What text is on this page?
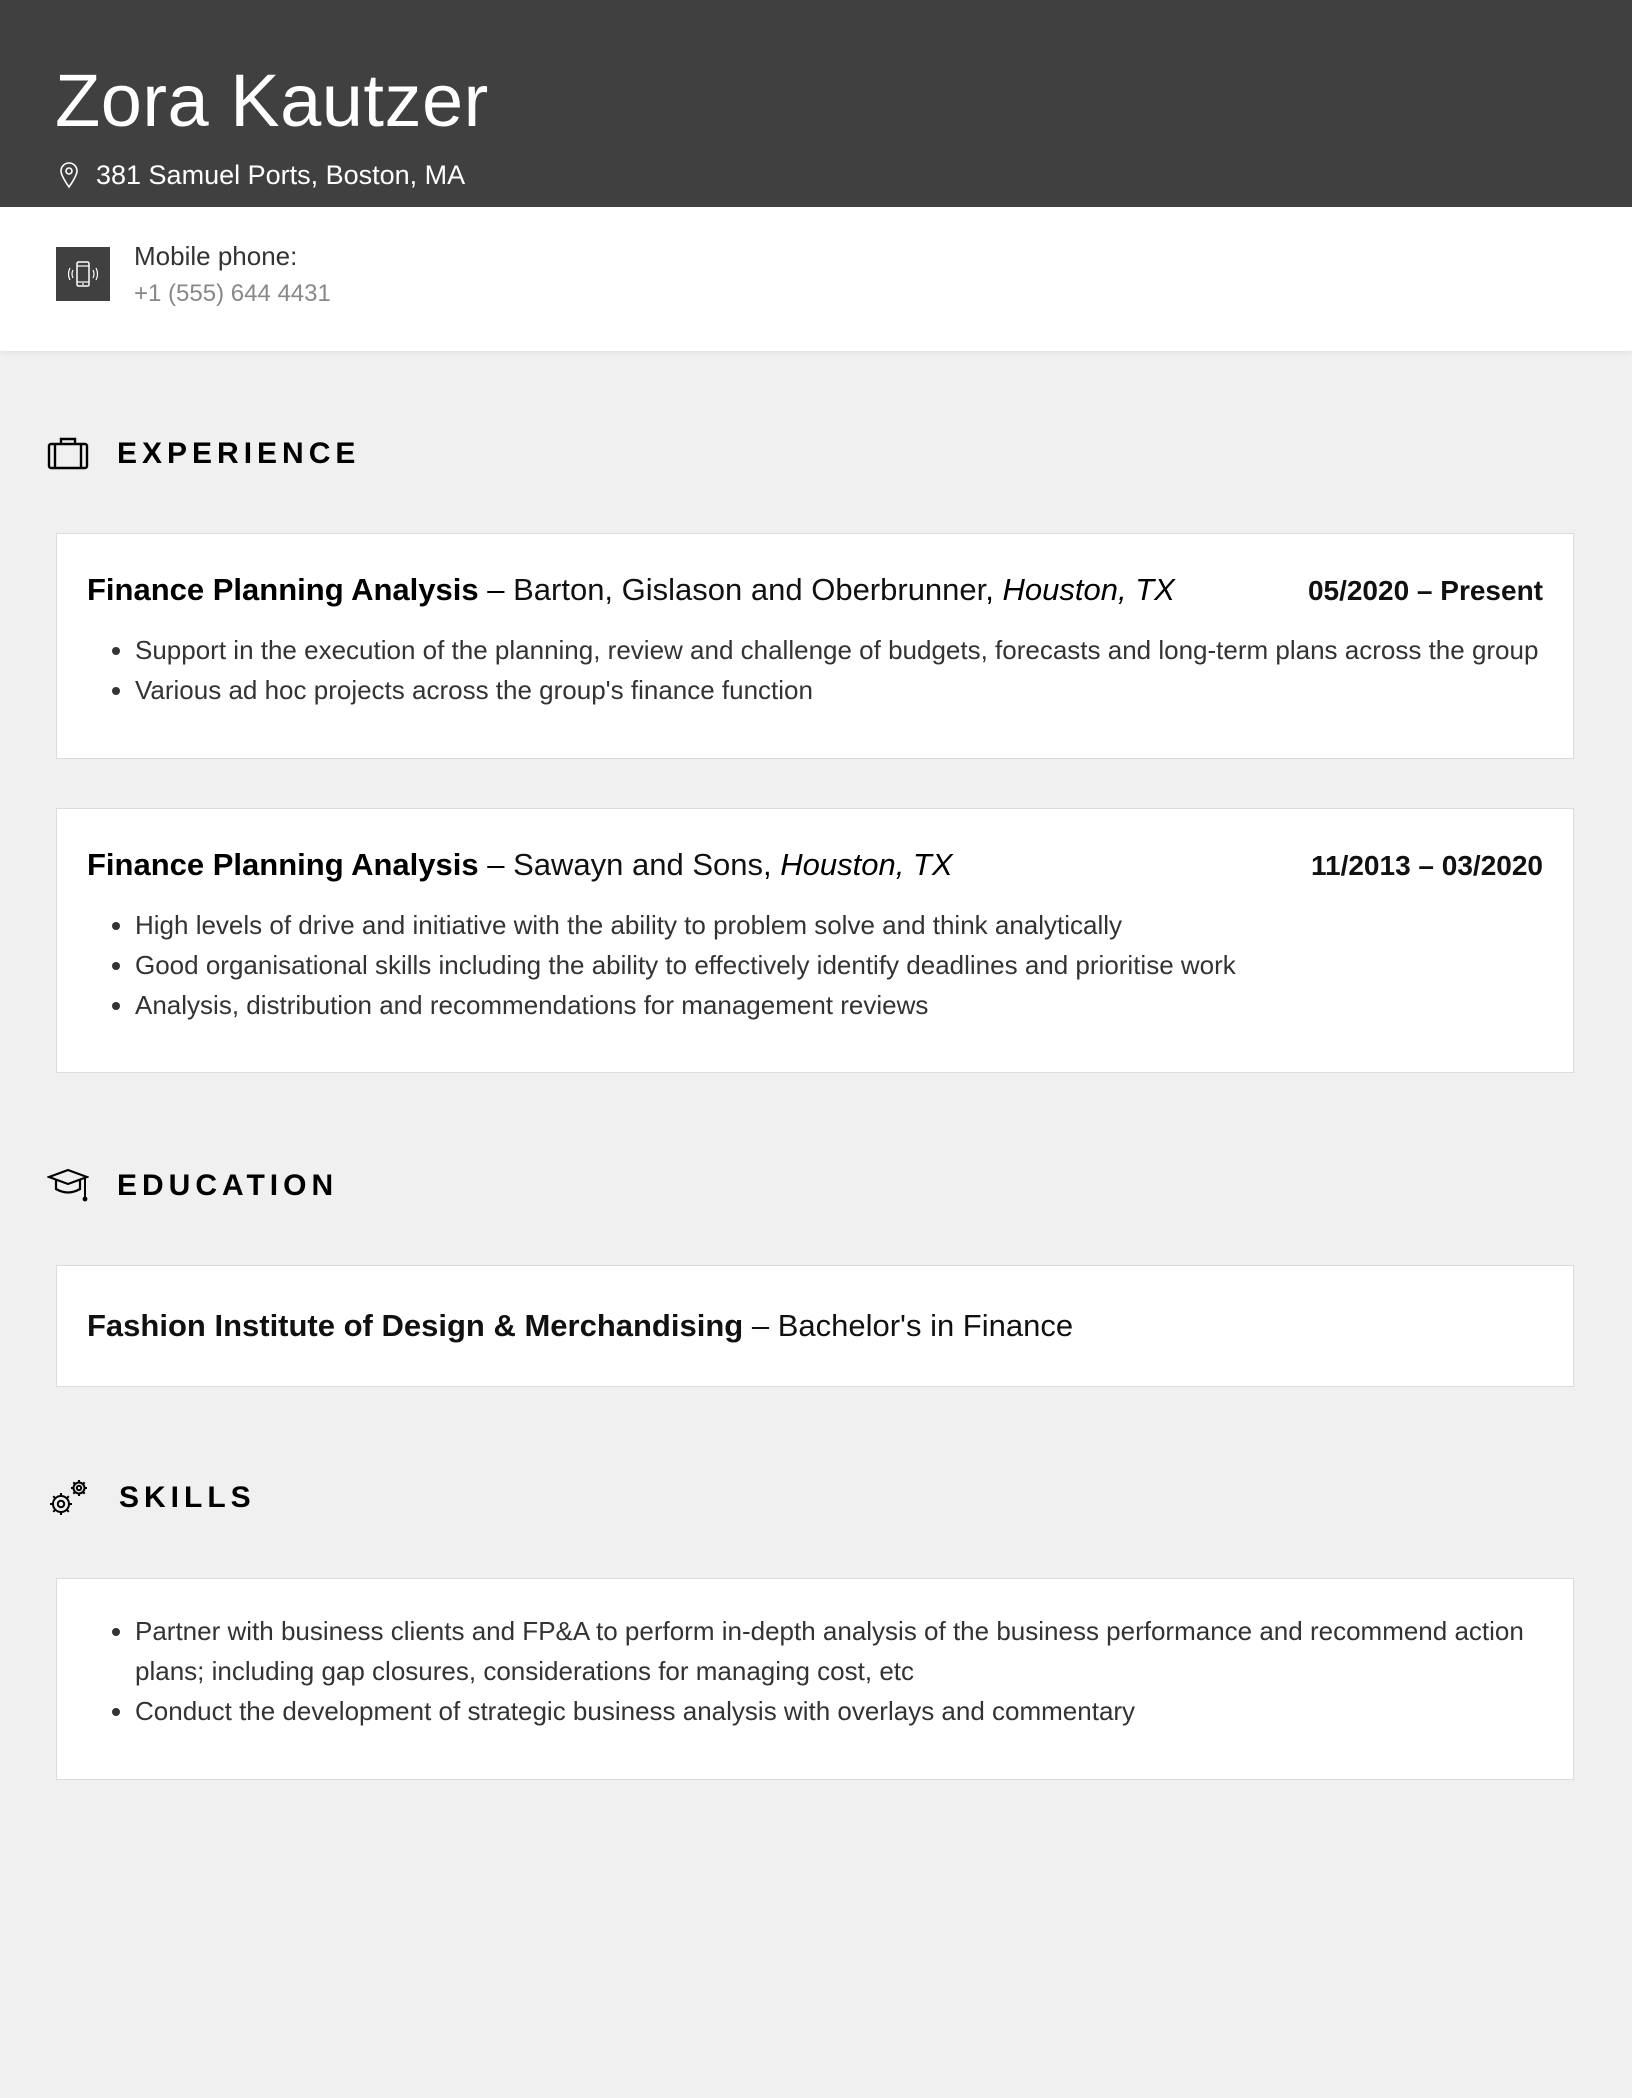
Zora Kautzer
381 Samuel Ports, Boston, MA
Mobile phone:
+1 (555) 644 4431
EXPERIENCE
Finance Planning Analysis – Barton, Gislason and Oberbrunner, Houston, TX	05/2020 – Present
• Support in the execution of the planning, review and challenge of budgets, forecasts and long-term plans across the group
• Various ad hoc projects across the group's finance function
Finance Planning Analysis – Sawayn and Sons, Houston, TX	11/2013 – 03/2020
• High levels of drive and initiative with the ability to problem solve and think analytically
• Good organisational skills including the ability to effectively identify deadlines and prioritise work
• Analysis, distribution and recommendations for management reviews
EDUCATION
Fashion Institute of Design & Merchandising – Bachelor's in Finance
SKILLS
• Partner with business clients and FP&A to perform in-depth analysis of the business performance and recommend action plans; including gap closures, considerations for managing cost, etc
• Conduct the development of strategic business analysis with overlays and commentary
